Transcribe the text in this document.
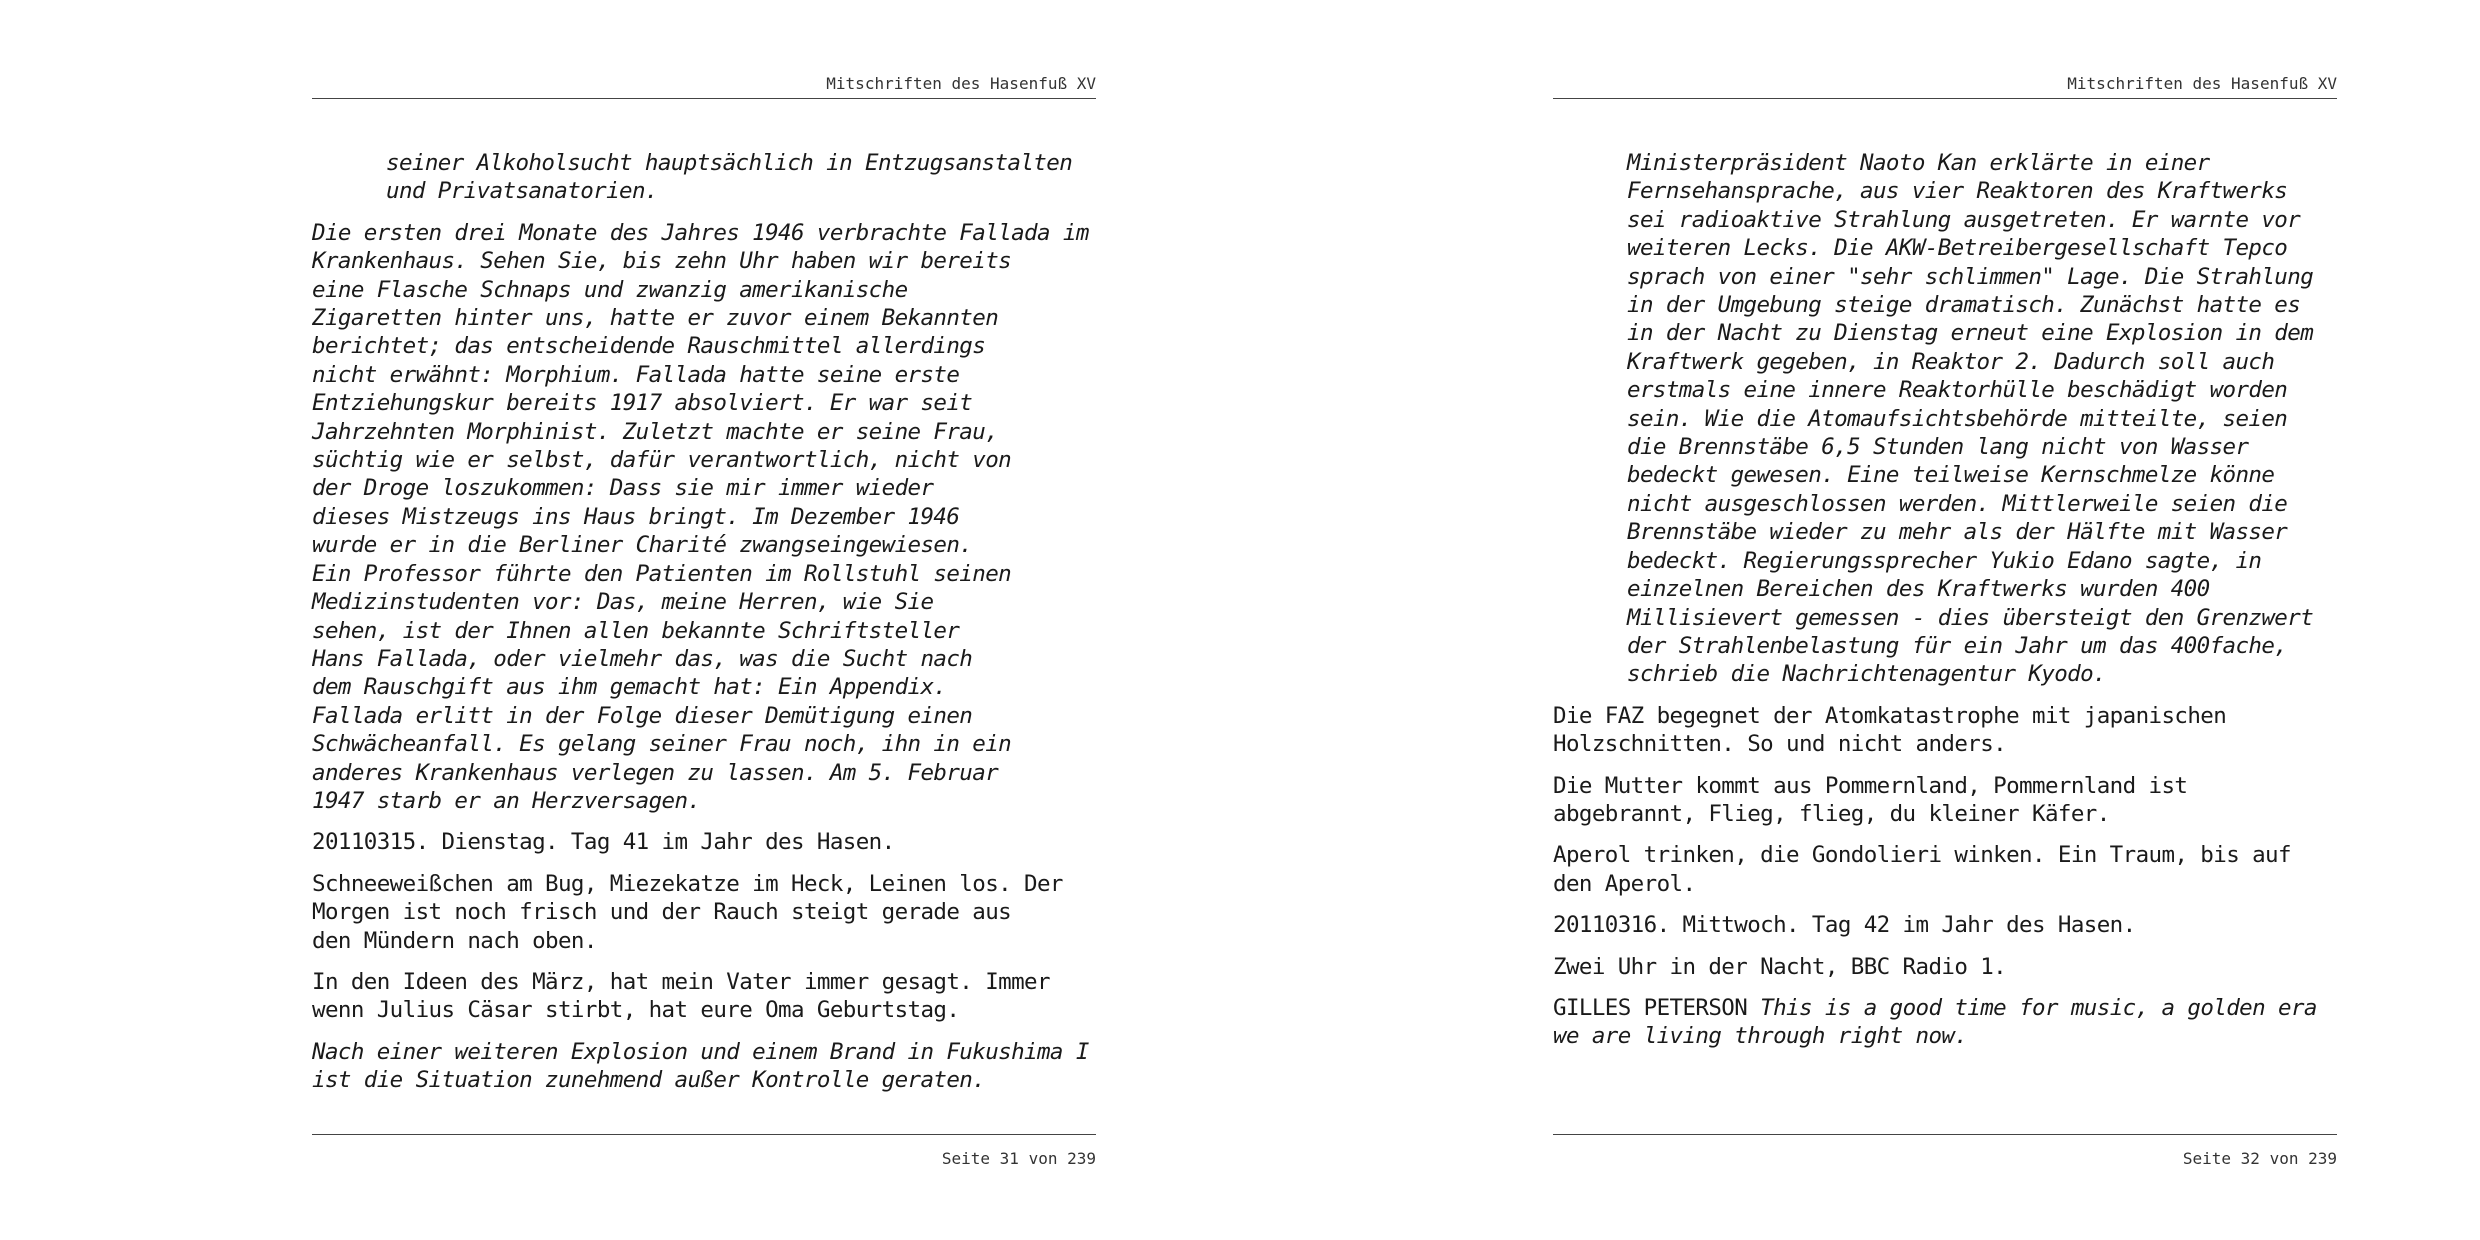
Mitschriften des Hasenfuß XV

seiner Alkoholsucht hauptsächlich in Entzugsanstalten
und Privatsanatorien.

Die ersten drei Monate des Jahres 1946 verbrachte Fallada im
Krankenhaus. Sehen Sie, bis zehn Uhr haben wir bereits
eine Flasche Schnaps und zwanzig amerikanische
Zigaretten hinter uns, hatte er zuvor einem Bekannten
berichtet; das entscheidende Rauschmittel allerdings
nicht erwähnt: Morphium. Fallada hatte seine erste
Entziehungskur bereits 1917 absolviert. Er war seit
Jahrzehnten Morphinist. Zuletzt machte er seine Frau,
süchtig wie er selbst, dafür verantwortlich, nicht von
der Droge loszukommen: Dass sie mir immer wieder
dieses Mistzeugs ins Haus bringt. Im Dezember 1946
wurde er in die Berliner Charité zwangseingewiesen.
Ein Professor führte den Patienten im Rollstuhl seinen
Medizinstudenten vor: Das, meine Herren, wie Sie
sehen, ist der Ihnen allen bekannte Schriftsteller
Hans Fallada, oder vielmehr das, was die Sucht nach
dem Rauschgift aus ihm gemacht hat: Ein Appendix.
Fallada erlitt in der Folge dieser Demütigung einen
Schwächeanfall. Es gelang seiner Frau noch, ihn in ein
anderes Krankenhaus verlegen zu lassen. Am 5. Februar
1947 starb er an Herzversagen.

20110315. Dienstag. Tag 41 im Jahr des Hasen.

Schneeweißchen am Bug, Miezekatze im Heck, Leinen los. Der
Morgen ist noch frisch und der Rauch steigt gerade aus
den Mündern nach oben.

In den Ideen des März, hat mein Vater immer gesagt. Immer
wenn Julius Cäsar stirbt, hat eure Oma Geburtstag.

Nach einer weiteren Explosion und einem Brand in Fukushima I
ist die Situation zunehmend außer Kontrolle geraten.

Seite 31 von 239
Mitschriften des Hasenfuß XV

Ministerpräsident Naoto Kan erklärte in einer
Fernsehansprache, aus vier Reaktoren des Kraftwerks
sei radioaktive Strahlung ausgetreten. Er warnte vor
weiteren Lecks. Die AKW-Betreibergesellschaft Tepco
sprach von einer "sehr schlimmen" Lage. Die Strahlung
in der Umgebung steige dramatisch. Zunächst hatte es
in der Nacht zu Dienstag erneut eine Explosion in dem
Kraftwerk gegeben, in Reaktor 2. Dadurch soll auch
erstmals eine innere Reaktorhülle beschädigt worden
sein. Wie die Atomaufsichtsbehörde mitteilte, seien
die Brennstäbe 6,5 Stunden lang nicht von Wasser
bedeckt gewesen. Eine teilweise Kernschmelze könne
nicht ausgeschlossen werden. Mittlerweile seien die
Brennstäbe wieder zu mehr als der Hälfte mit Wasser
bedeckt. Regierungssprecher Yukio Edano sagte, in
einzelnen Bereichen des Kraftwerks wurden 400
Millisievert gemessen - dies übersteigt den Grenzwert
der Strahlenbelastung für ein Jahr um das 400fache,
schrieb die Nachrichtenagentur Kyodo.

Die FAZ begegnet der Atomkatastrophe mit japanischen
Holzschnitten. So und nicht anders.

Die Mutter kommt aus Pommernland, Pommernland ist
abgebrannt, Flieg, flieg, du kleiner Käfer.

Aperol trinken, die Gondolieri winken. Ein Traum, bis auf
den Aperol.

20110316. Mittwoch. Tag 42 im Jahr des Hasen.

Zwei Uhr in der Nacht, BBC Radio 1.

GILLES PETERSON This is a good time for music, a golden era
we are living through right now.

Seite 32 von 239
